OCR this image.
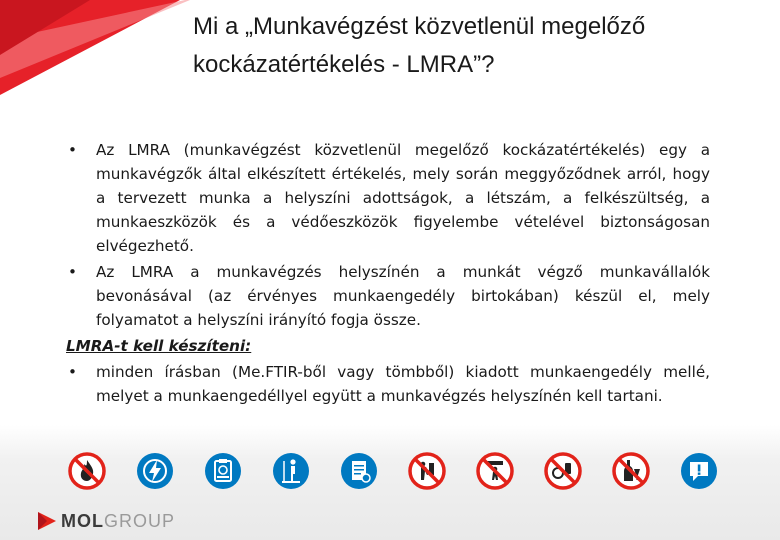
Mi a „Munkavégzést közvetlenül megelőző
kockázatértékelés - LMRA”?
• Az LMRA (munkavégzést közvetlenül megelőző kockázatértékelés) egy a munkavégzők által elkészített értékelés, mely során meggyőződnek arról, hogy a tervezett munka a helyszíni adottságok, a létszám, a felkészültség, a munkaeszközök és a védőeszközök figyelembe vételével biztonságosan elvégezhető.
• Az LMRA a munkavégzés helyszínén a munkát végző munkavállalók bevonásával (az érvényes munkaengedély birtokában) készül el, mely folyamatot a helyszíni irányító fogja össze.
LMRA-t kell készíteni:
• minden írásban (Me.FTIR-ből vagy tömbből) kiadott munkaengedély mellé, melyet a munkaengedéllyel együtt a munkavégzés helyszínén kell tartani.
MOL GROUP
